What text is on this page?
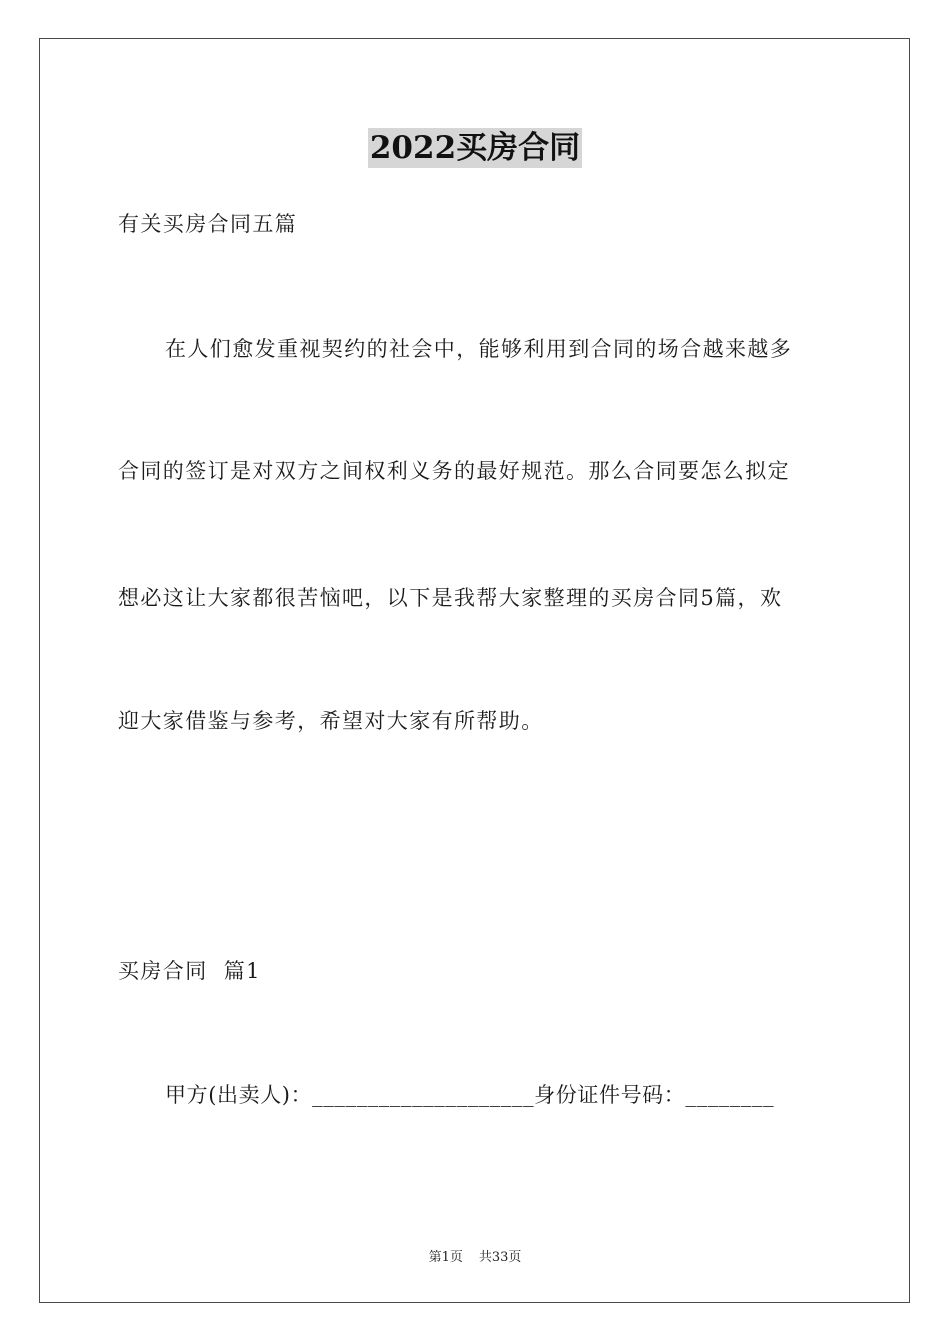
2022买房合同
有关买房合同五篇
在人们愈发重视契约的社会中，能够利用到合同的场合越来越多
合同的签订是对双方之间权利义务的最好规范。那么合同要怎么拟定
想必这让大家都很苦恼吧，以下是我帮大家整理的买房合同5篇，欢
迎大家借鉴与参考，希望对大家有所帮助。
买房合同  篇1
甲方(出卖人)：____________________身份证件号码：________
第1页 共33页
